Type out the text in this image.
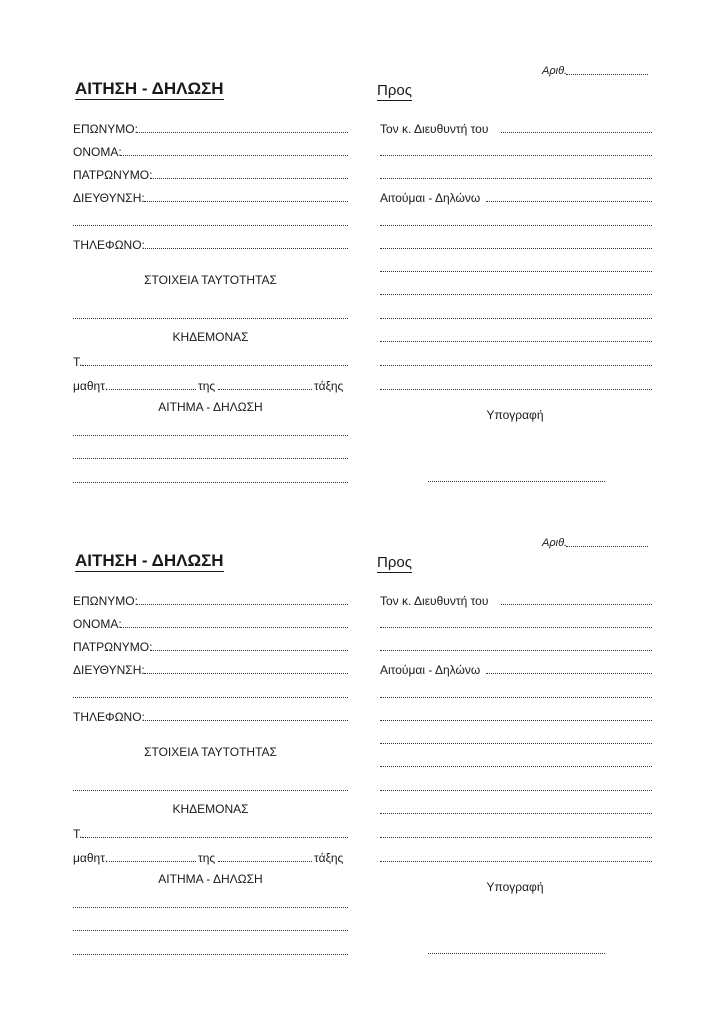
Αριθ.
ΑΙΤΗΣΗ - ΔΗΛΩΣΗ	Προς
ΕΠΩΝΥΜΟ:
ΟΝΟΜΑ:
ΠΑΤΡΩΝΥΜΟ:
ΔΙΕΥΘΥΝΣΗ:
ΤΗΛΕΦΩΝΟ:
ΣΤΟΙΧΕΙΑ ΤΑΥΤΟΤΗΤΑΣ
ΚΗΔΕΜΟΝΑΣ
Τ.
μαθητ.	της	τάξης
ΑΙΤΗΜΑ - ΔΗΛΩΣΗ
Τον κ. Διευθυντή του
Αιτούμαι - Δηλώνω
Υπογραφή
Αριθ.
ΑΙΤΗΣΗ - ΔΗΛΩΣΗ	Προς
ΕΠΩΝΥΜΟ:
ΟΝΟΜΑ:
ΠΑΤΡΩΝΥΜΟ:
ΔΙΕΥΘΥΝΣΗ:
ΤΗΛΕΦΩΝΟ:
ΣΤΟΙΧΕΙΑ ΤΑΥΤΟΤΗΤΑΣ
ΚΗΔΕΜΟΝΑΣ
Τ.
μαθητ.	της	τάξης
ΑΙΤΗΜΑ - ΔΗΛΩΣΗ
Τον κ. Διευθυντή του
Αιτούμαι - Δηλώνω
Υπογραφή
